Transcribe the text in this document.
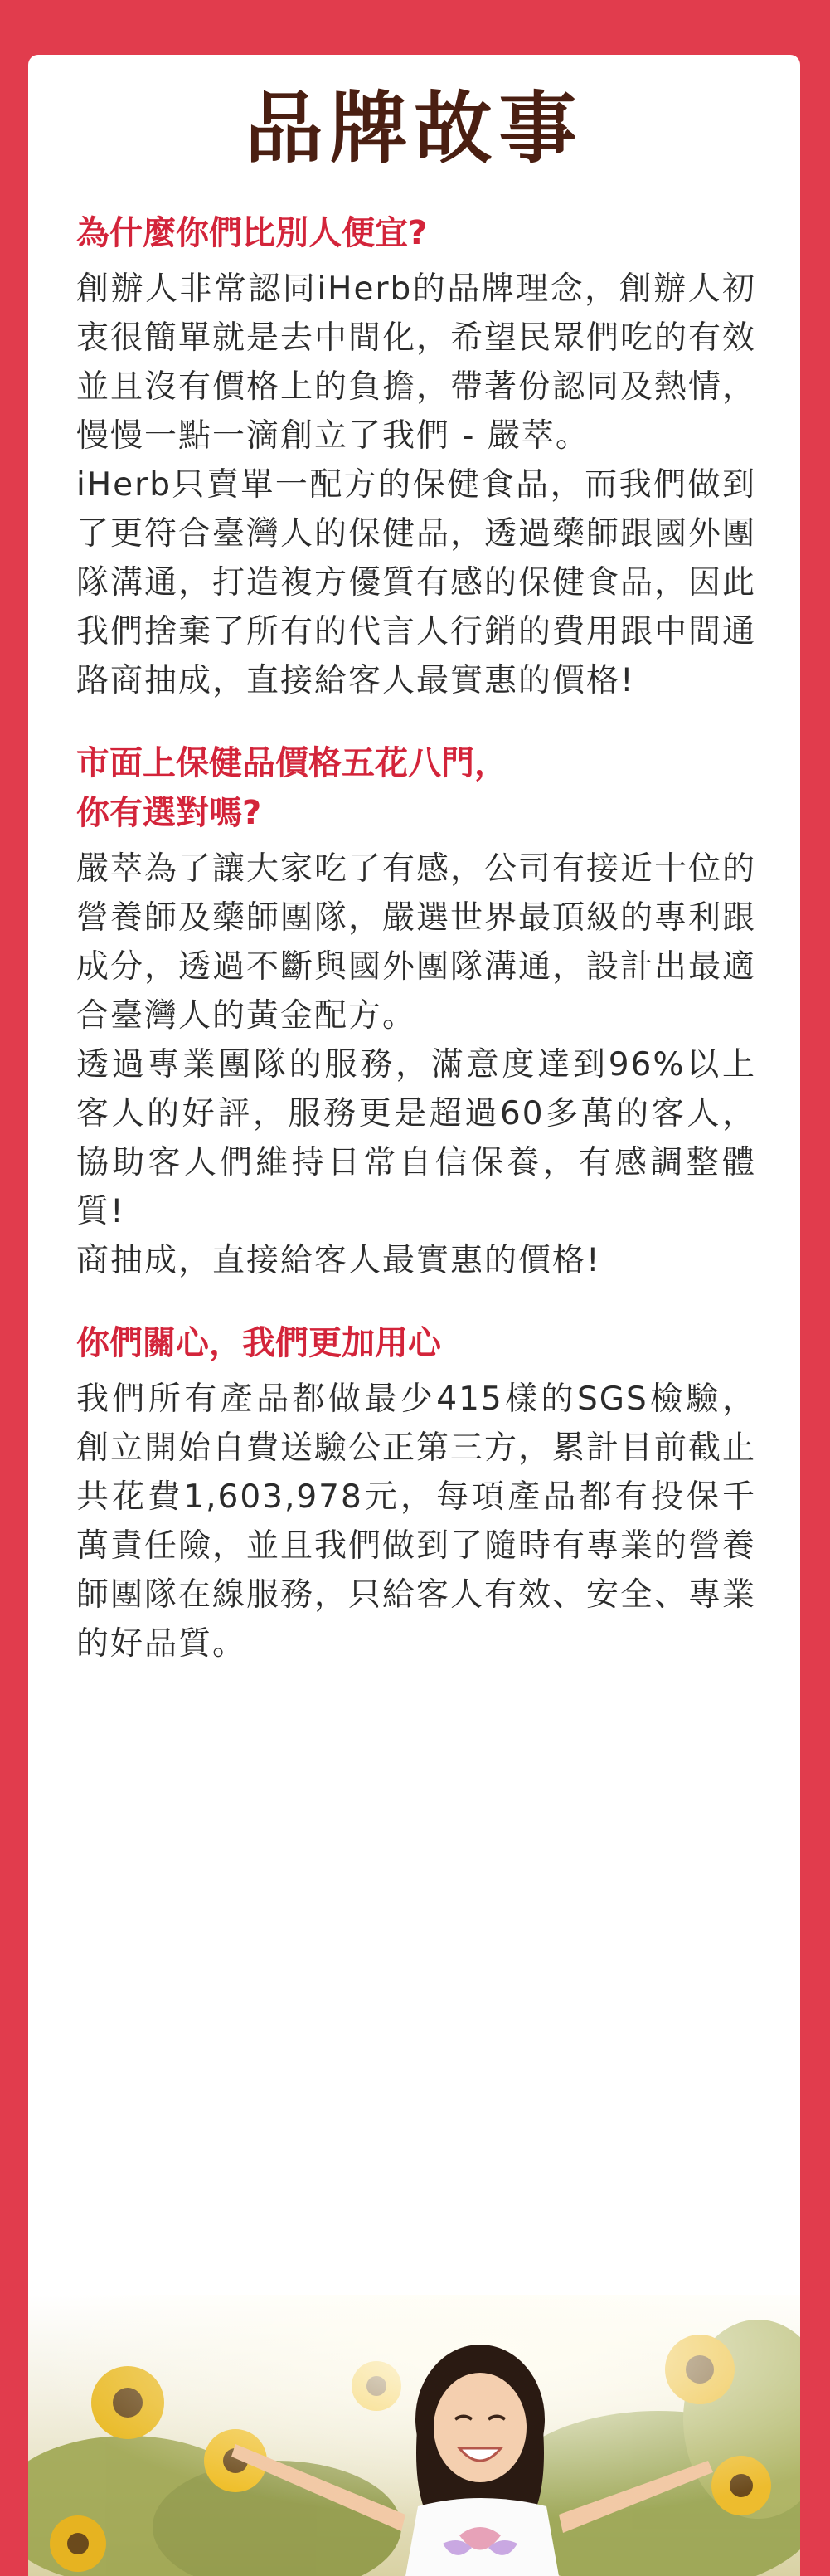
品牌故事
為什麼你們比別人便宜?

創辦人非常認同iHerb的品牌理念，創辦人初衷很簡單就是去中間化，希望民眾們吃的有效並且沒有價格上的負擔，帶著份認同及熱情，慢慢一點一滴創立了我們 - 嚴萃。

iHerb只賣單一配方的保健食品，而我們做到了更符合臺灣人的保健品，透過藥師跟國外團隊溝通，打造複方優質有感的保健食品，因此我們捨棄了所有的代言人行銷的費用跟中間通路商抽成，直接給客人最實惠的價格!

市面上保健品價格五花八門，
你有選對嗎?

嚴萃為了讓大家吃了有感，公司有接近十位的營養師及藥師團隊，嚴選世界最頂級的專利跟成分，透過不斷與國外團隊溝通，設計出最適合臺灣人的黃金配方。

透過專業團隊的服務，滿意度達到96%以上客人的好評，服務更是超過60多萬的客人，協助客人們維持日常自信保養，有感調整體質!

商抽成，直接給客人最實惠的價格!

你們關心，我們更加用心

我們所有產品都做最少415樣的SGS檢驗，創立開始自費送驗公正第三方，累計目前截止共花費1,603,978元，每項產品都有投保千萬責任險，並且我們做到了隨時有專業的營養師團隊在線服務，只給客人有效、安全、專業的好品質。
